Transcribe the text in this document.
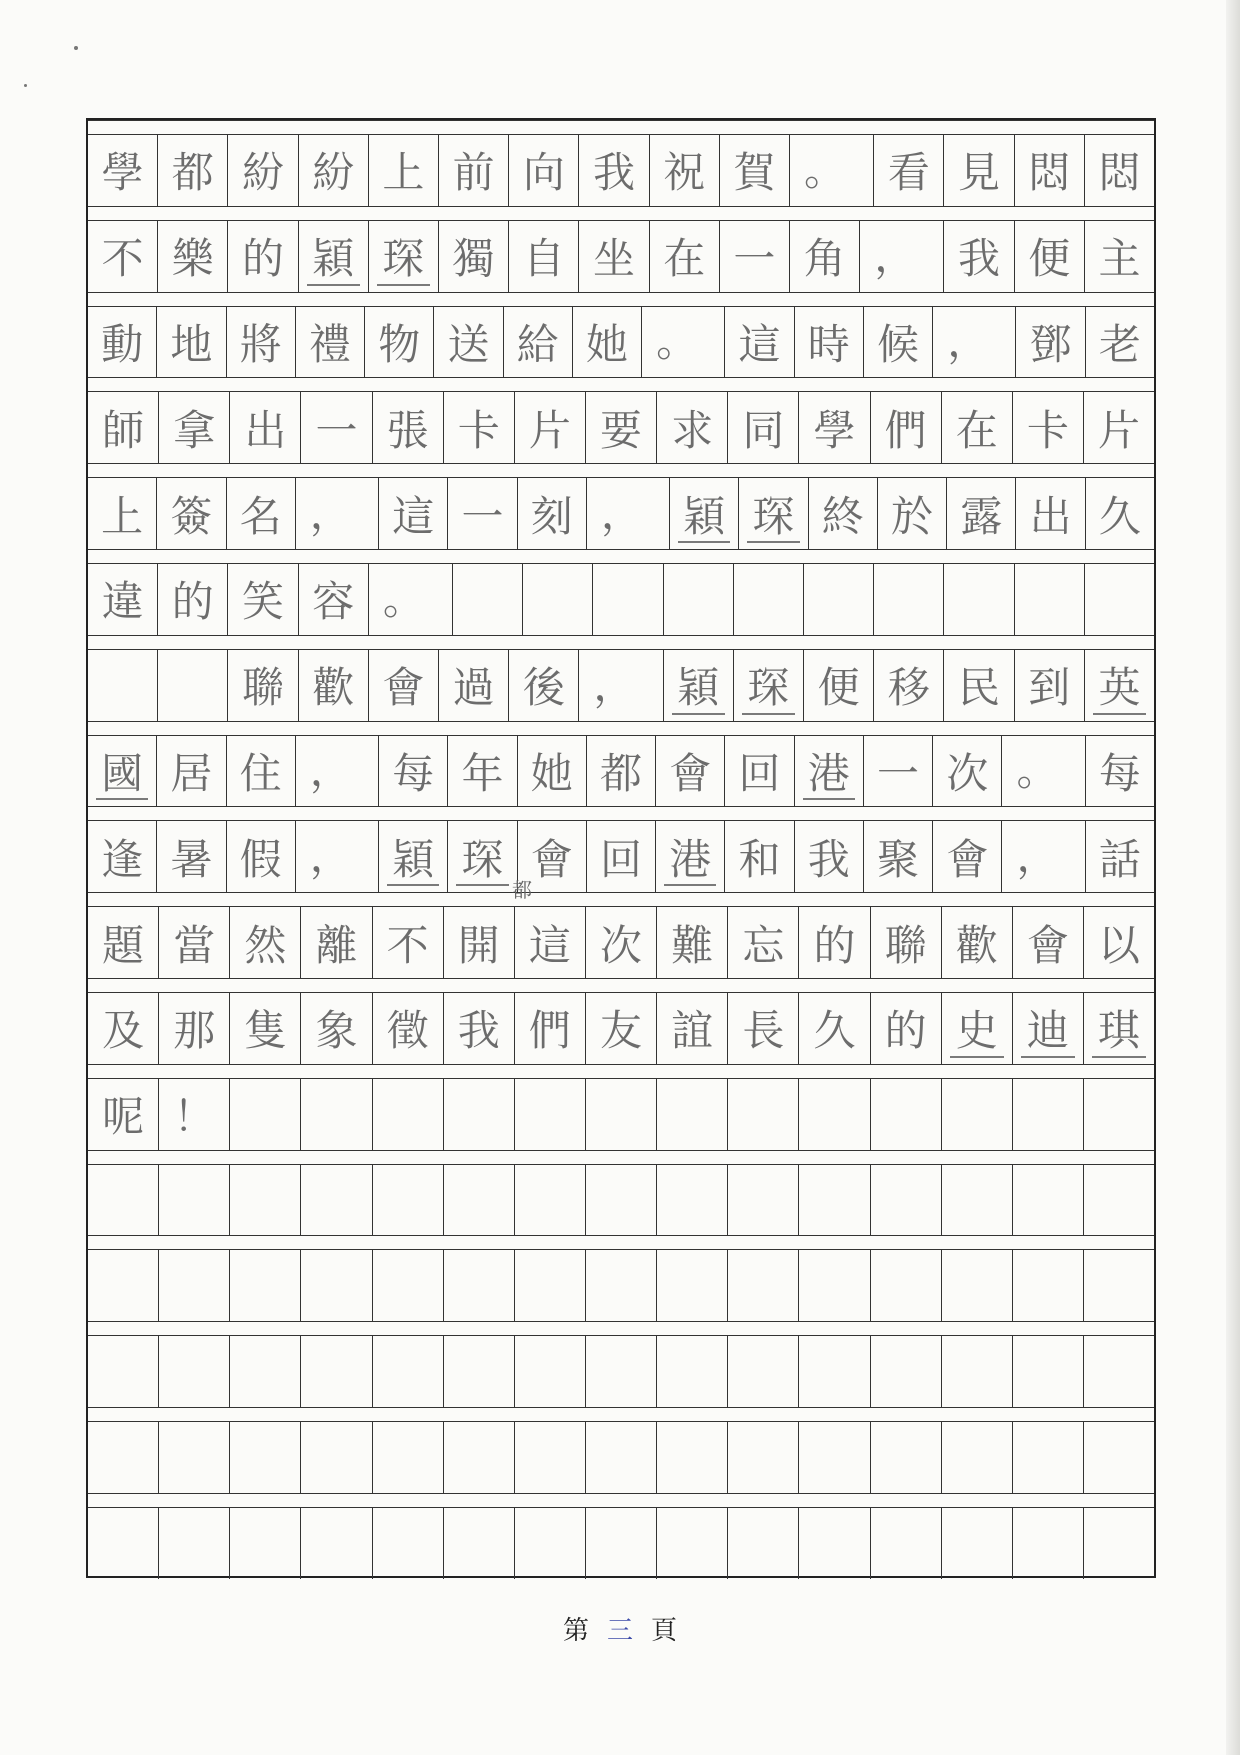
學 都 紛 紛 上 前 向 我 祝 賀 。 看 見 悶 悶
不 樂 的 穎 琛 獨 自 坐 在 一 角 ， 我 便 主
動 地 將 禮 物 送 給 她 。 這 時 候 ， 鄧 老
師 拿 出 一 張 卡 片 要 求 同 學 們 在 卡 片
上 簽 名 ， 這 一 刻 ， 穎 琛 終 於 露 出 久
違 的 笑 容 。
聯 歡 會 過 後 ， 穎 琛 便 移 民 到 英
國 居 住 ， 每 年 她 都 會 回 港 一 次 。 每
逢 暑 假 ， 穎 琛 會 回 港 和 我 聚 會 ， 話
題 當 然 離 不 開 這 次 難 忘 的 聯 歡 會 以
及 那 隻 象 徵 我 們 友 誼 長 久 的 史 迪 琪
呢 ！
都
第 三 頁
